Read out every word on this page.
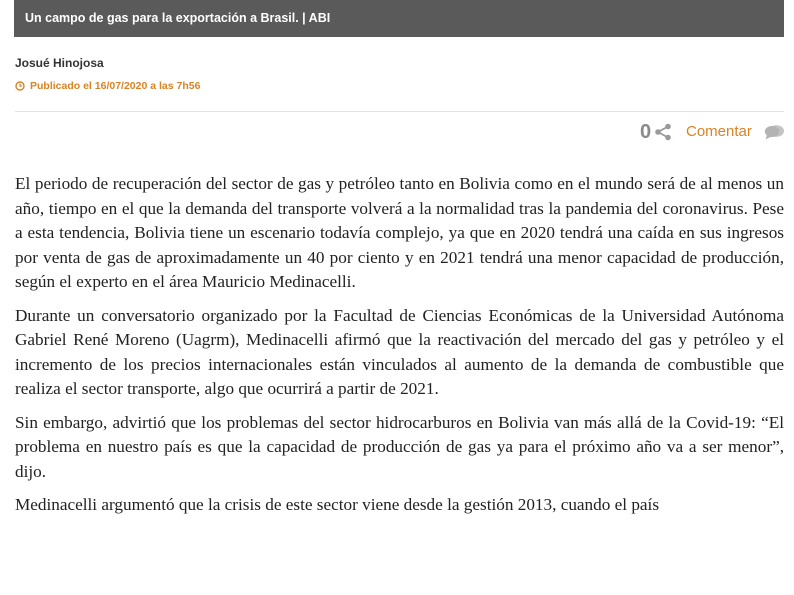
Un campo de gas para la exportación a Brasil. | ABI
Josué Hinojosa
Publicado el 16/07/2020 a las 7h56
0 Comentar

El periodo de recuperación del sector de gas y petróleo tanto en Bolivia como en el mundo será de al menos un año, tiempo en el que la demanda del transporte volverá a la normalidad tras la pandemia del coronavirus. Pese a esta tendencia, Bolivia tiene un escenario todavía complejo, ya que en 2020 tendrá una caída en sus ingresos por venta de gas de aproximadamente un 40 por ciento y en 2021 tendrá una menor capacidad de producción, según el experto en el área Mauricio Medinacelli.

Durante un conversatorio organizado por la Facultad de Ciencias Económicas de la Universidad Autónoma Gabriel René Moreno (Uagrm), Medinacelli afirmó que la reactivación del mercado del gas y petróleo y el incremento de los precios internacionales están vinculados al aumento de la demanda de combustible que realiza el sector transporte, algo que ocurrirá a partir de 2021.

Sin embargo, advirtió que los problemas del sector hidrocarburos en Bolivia van más allá de la Covid-19: “El problema en nuestro país es que la capacidad de producción de gas ya para el próximo año va a ser menor”, dijo.

Medinacelli argumentó que la crisis de este sector viene desde la gestión 2013, cuando el país
